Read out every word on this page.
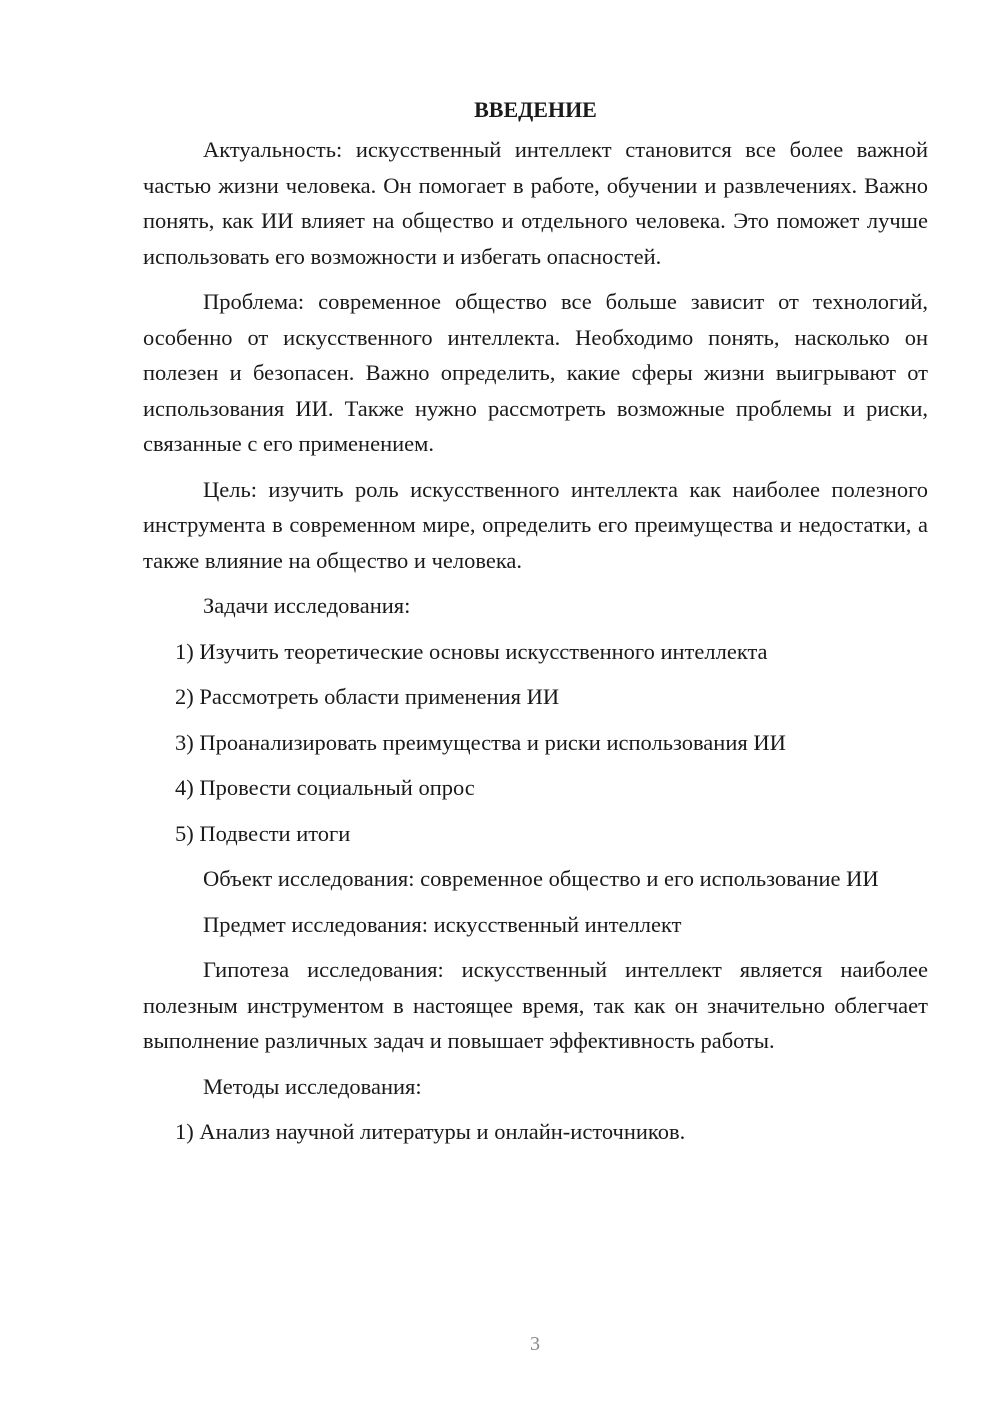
ВВЕДЕНИЕ

Актуальность: искусственный интеллект становится все более важной частью жизни человека. Он помогает в работе, обучении и развлечениях. Важно понять, как ИИ влияет на общество и отдельного человека. Это поможет лучше использовать его возможности и избегать опасностей.

Проблема: современное общество все больше зависит от технологий, особенно от искусственного интеллекта. Необходимо понять, насколько он полезен и безопасен. Важно определить, какие сферы жизни выигрывают от использования ИИ. Также нужно рассмотреть возможные проблемы и риски, связанные с его применением.

Цель: изучить роль искусственного интеллекта как наиболее полезного инструмента в современном мире, определить его преимущества и недостатки, а также влияние на общество и человека.

Задачи исследования:
1) Изучить теоретические основы искусственного интеллекта
2) Рассмотреть области применения ИИ
3) Проанализировать преимущества и риски использования ИИ
4) Провести социальный опрос
5) Подвести итоги

Объект исследования: современное общество и его использование ИИ

Предмет исследования: искусственный интеллект

Гипотеза исследования: искусственный интеллект является наиболее полезным инструментом в настоящее время, так как он значительно облегчает выполнение различных задач и повышает эффективность работы.

Методы исследования:
1) Анализ научной литературы и онлайн-источников.
3
